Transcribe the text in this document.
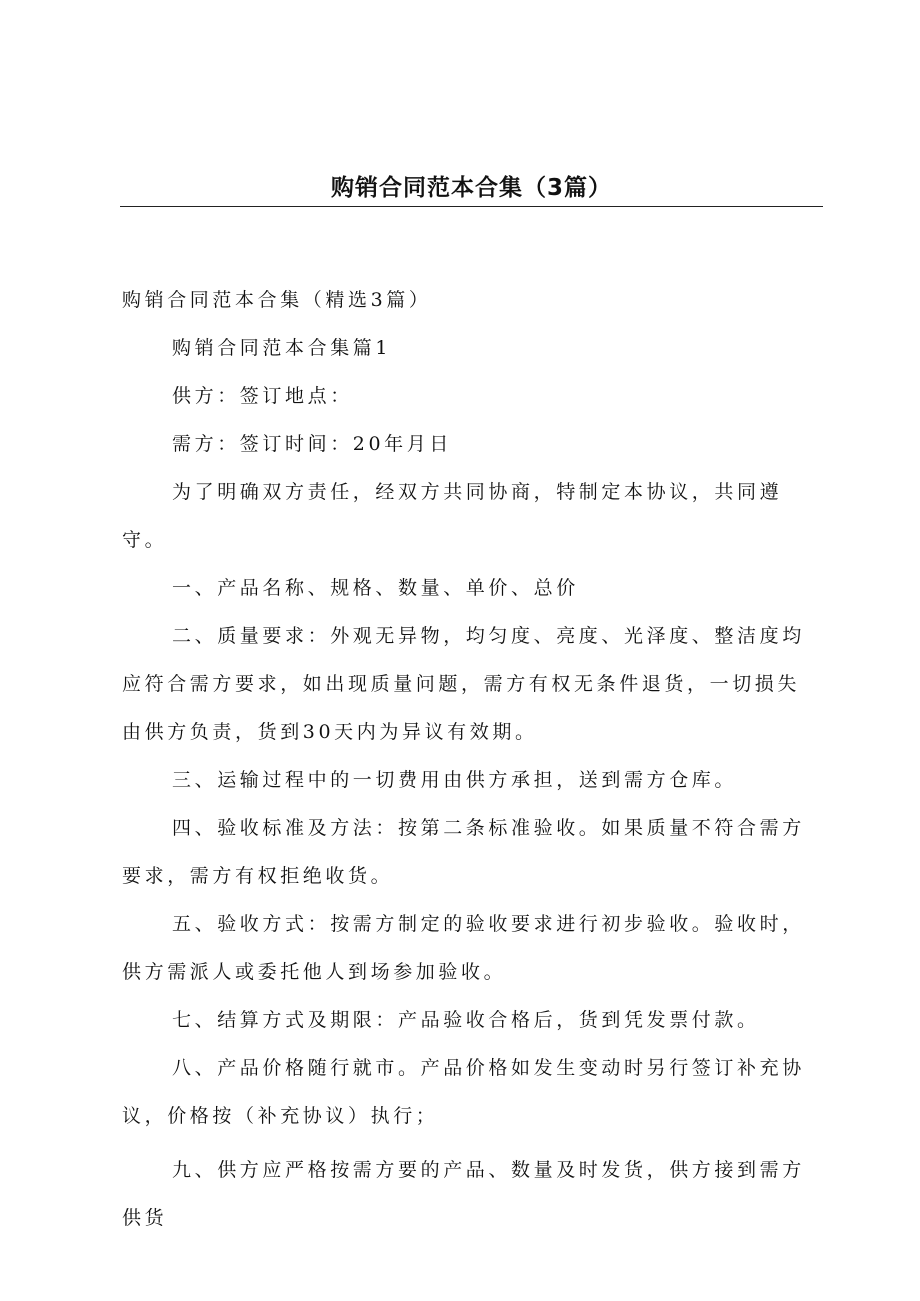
购销合同范本合集（3篇）

购销合同范本合集（精选3篇）

购销合同范本合集篇1

供方：签订地点：

需方：签订时间：20年月日

为了明确双方责任，经双方共同协商，特制定本协议，共同遵守。

一、产品名称、规格、数量、单价、总价

二、质量要求：外观无异物，均匀度、亮度、光泽度、整洁度均应符合需方要求，如出现质量问题，需方有权无条件退货，一切损失由供方负责，货到30天内为异议有效期。

三、运输过程中的一切费用由供方承担，送到需方仓库。

四、验收标准及方法：按第二条标准验收。如果质量不符合需方要求，需方有权拒绝收货。

五、验收方式：按需方制定的验收要求进行初步验收。验收时，供方需派人或委托他人到场参加验收。

七、结算方式及期限：产品验收合格后，货到凭发票付款。

八、产品价格随行就市。产品价格如发生变动时另行签订补充协议，价格按（补充协议）执行；

九、供方应严格按需方要的产品、数量及时发货，供方接到需方供货
